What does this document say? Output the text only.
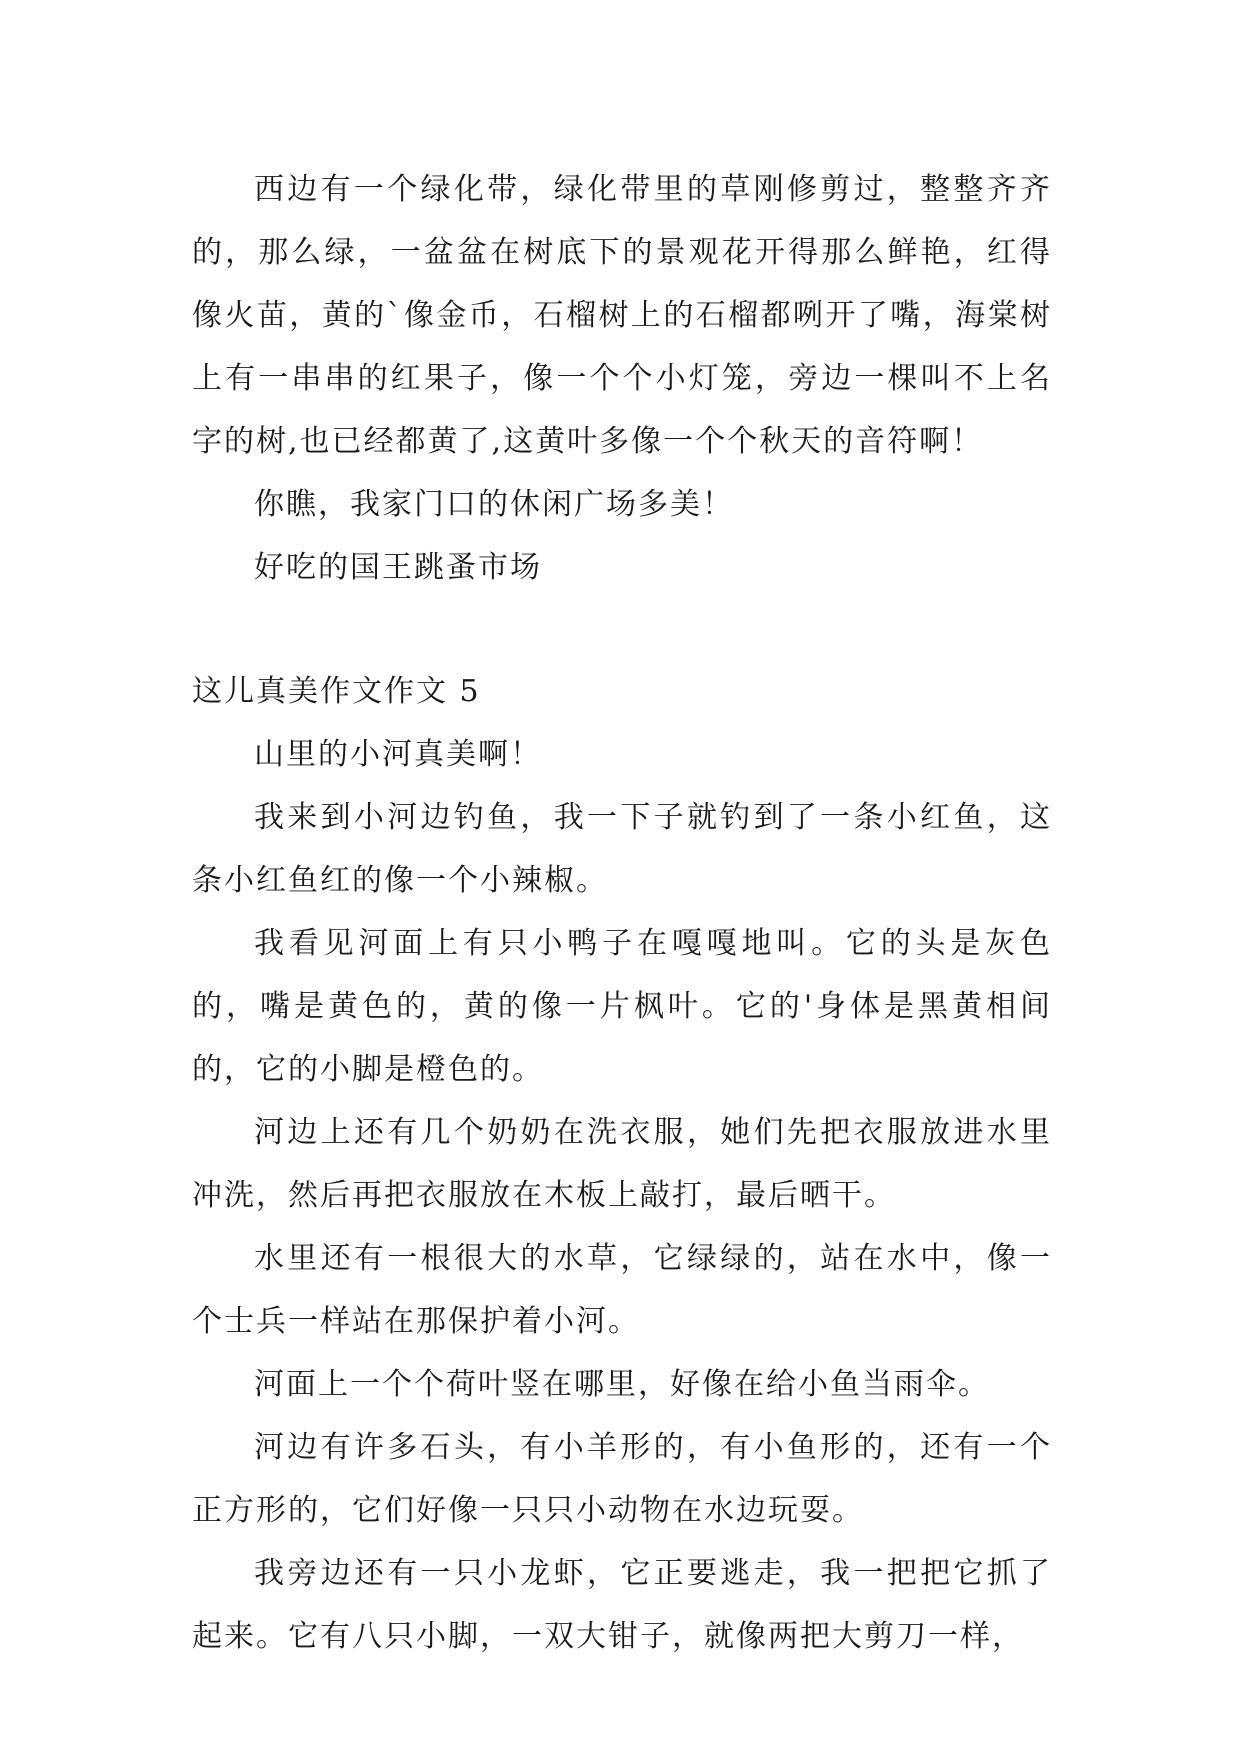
西边有一个绿化带，绿化带里的草刚修剪过，整整齐齐的，那么绿，一盆盆在树底下的景观花开得那么鲜艳，红得像火苗，黄的`像金币，石榴树上的石榴都咧开了嘴，海棠树上有一串串的红果子，像一个个小灯笼，旁边一棵叫不上名字的树,也已经都黄了,这黄叶多像一个个秋天的音符啊！

你瞧，我家门口的休闲广场多美！

好吃的国王跳蚤市场

这儿真美作文作文 5

山里的小河真美啊！

我来到小河边钓鱼，我一下子就钓到了一条小红鱼，这条小红鱼红的像一个小辣椒。

我看见河面上有只小鸭子在嘎嘎地叫。它的头是灰色的，嘴是黄色的，黄的像一片枫叶。它的'身体是黑黄相间的，它的小脚是橙色的。

河边上还有几个奶奶在洗衣服，她们先把衣服放进水里冲洗，然后再把衣服放在木板上敲打，最后晒干。

水里还有一根很大的水草，它绿绿的，站在水中，像一个士兵一样站在那保护着小河。

河面上一个个荷叶竖在哪里，好像在给小鱼当雨伞。

河边有许多石头，有小羊形的，有小鱼形的，还有一个正方形的，它们好像一只只小动物在水边玩耍。

我旁边还有一只小龙虾，它正要逃走，我一把把它抓了起来。它有八只小脚，一双大钳子，就像两把大剪刀一样，
